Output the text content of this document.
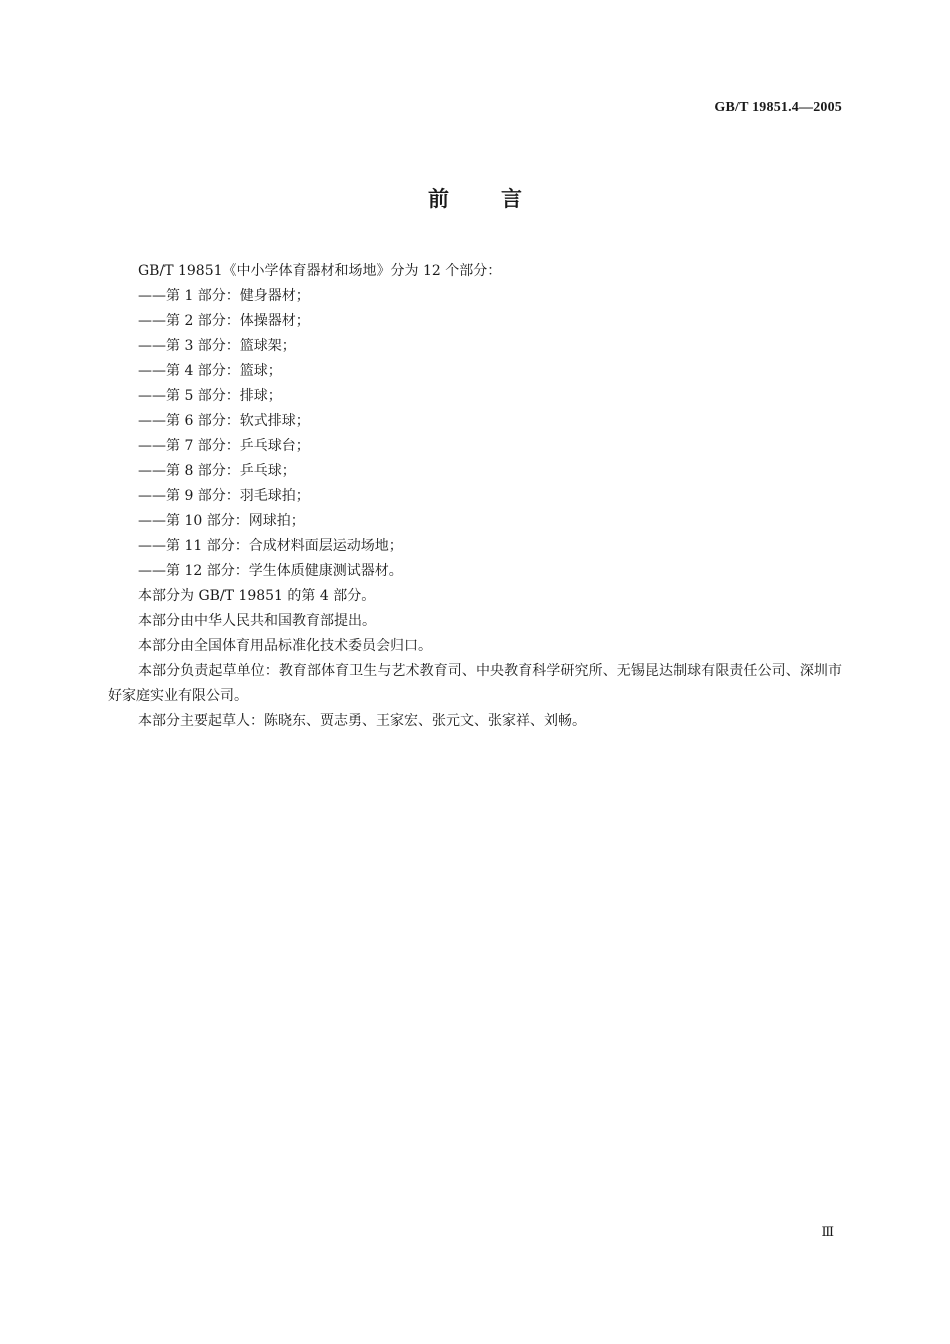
GB/T 19851.4—2005
前言

GB/T 19851《中小学体育器材和场地》分为 12 个部分：

——第 1 部分：健身器材；

——第 2 部分：体操器材；

——第 3 部分：篮球架；

——第 4 部分：篮球；

——第 5 部分：排球；

——第 6 部分：软式排球；

——第 7 部分：乒乓球台；

——第 8 部分：乒乓球；

——第 9 部分：羽毛球拍；

——第 10 部分：网球拍；

——第 11 部分：合成材料面层运动场地；

——第 12 部分：学生体质健康测试器材。

本部分为 GB/T 19851 的第 4 部分。

本部分由中华人民共和国教育部提出。

本部分由全国体育用品标准化技术委员会归口。

本部分负责起草单位：教育部体育卫生与艺术教育司、中央教育科学研究所、无锡昆达制球有限责任公司、深圳市好家庭实业有限公司。

本部分主要起草人：陈晓东、贾志勇、王家宏、张元文、张家祥、刘畅。

Ⅲ
